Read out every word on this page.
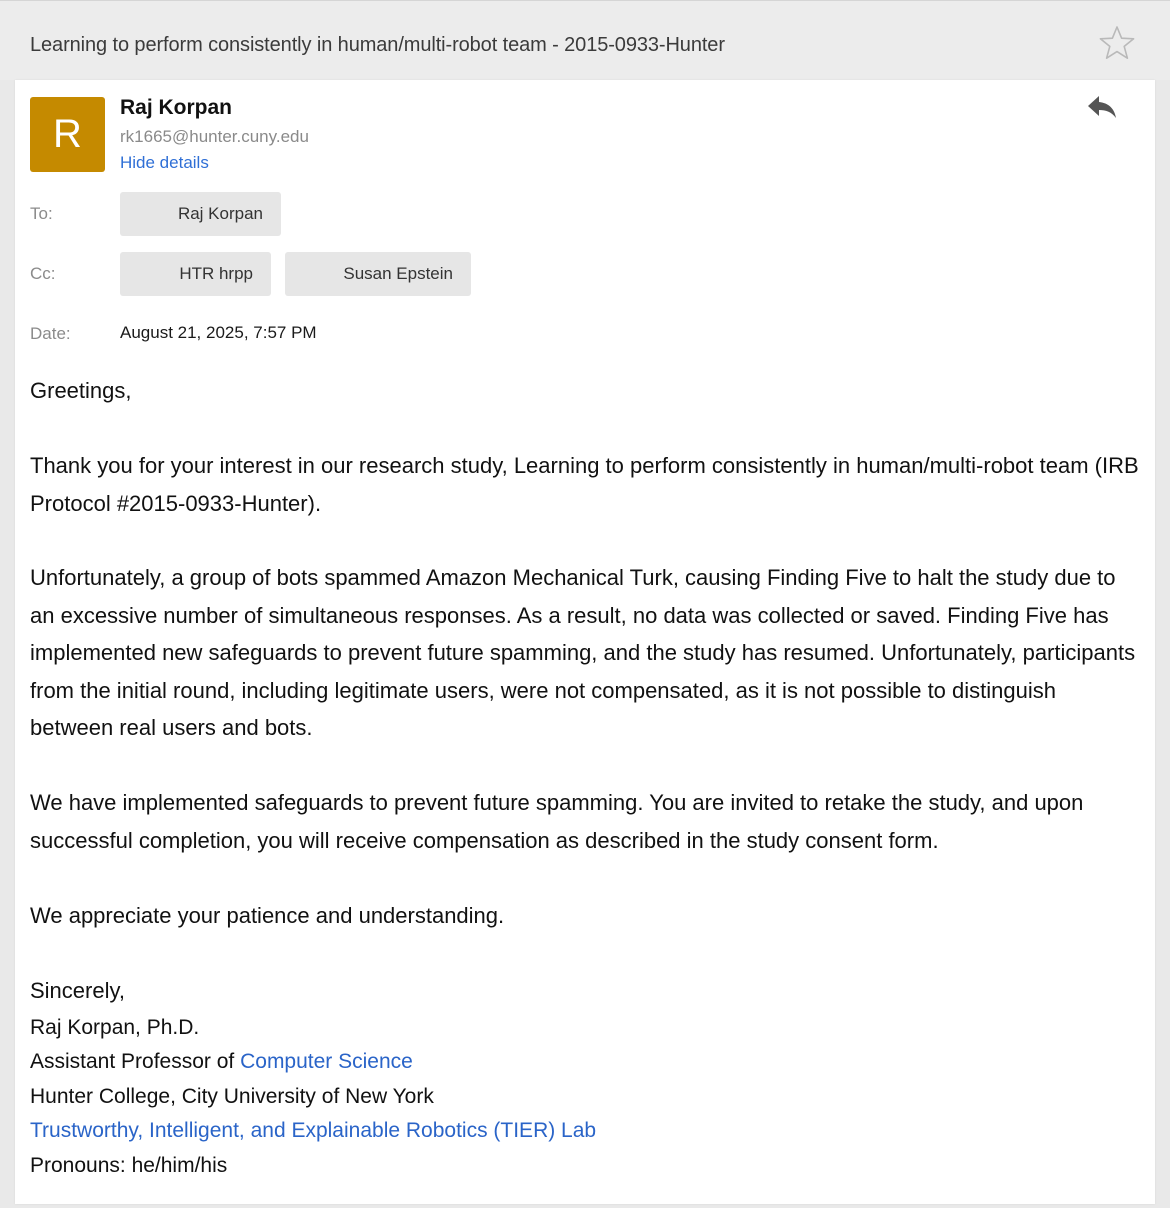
Learning to perform consistently in human/multi-robot team - 2015-0933-Hunter
R
Raj Korpan
rk1665@hunter.cuny.edu
Hide details
To:	Raj Korpan
Cc:	HTR hrpp	Susan Epstein
Date:	August 21, 2025, 7:57 PM

Greetings,

Thank you for your interest in our research study, Learning to perform consistently in human/multi-robot team (IRB Protocol #2015-0933-Hunter).

Unfortunately, a group of bots spammed Amazon Mechanical Turk, causing Finding Five to halt the study due to an excessive number of simultaneous responses. As a result, no data was collected or saved. Finding Five has implemented new safeguards to prevent future spamming, and the study has resumed. Unfortunately, participants from the initial round, including legitimate users, were not compensated, as it is not possible to distinguish between real users and bots.

We have implemented safeguards to prevent future spamming. You are invited to retake the study, and upon successful completion, you will receive compensation as described in the study consent form.

We appreciate your patience and understanding.

Sincerely,
Raj Korpan, Ph.D.
Assistant Professor of Computer Science
Hunter College, City University of New York
Trustworthy, Intelligent, and Explainable Robotics (TIER) Lab
Pronouns: he/him/his
